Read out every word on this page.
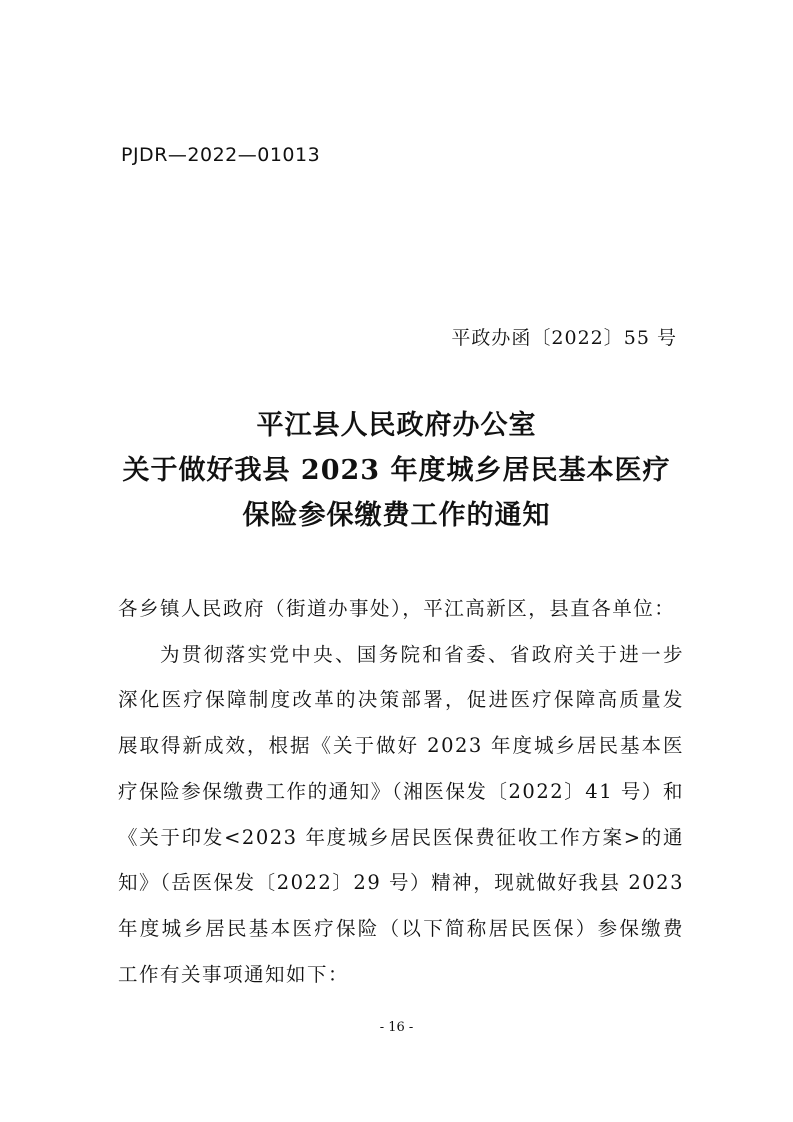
PJDR—2022—01013
平政办函〔2022〕55 号
平江县人民政府办公室
关于做好我县 2023 年度城乡居民基本医疗
保险参保缴费工作的通知
各乡镇人民政府（街道办事处），平江高新区，县直各单位：

为贯彻落实党中央、国务院和省委、省政府关于进一步深化医疗保障制度改革的决策部署，促进医疗保障高质量发展取得新成效，根据《关于做好 2023 年度城乡居民基本医疗保险参保缴费工作的通知》（湘医保发〔2022〕41 号）和《关于印发<2023 年度城乡居民医保费征收工作方案>的通知》（岳医保发〔2022〕29 号）精神，现就做好我县 2023 年度城乡居民基本医疗保险（以下简称居民医保）参保缴费工作有关事项通知如下：

- 16 -
